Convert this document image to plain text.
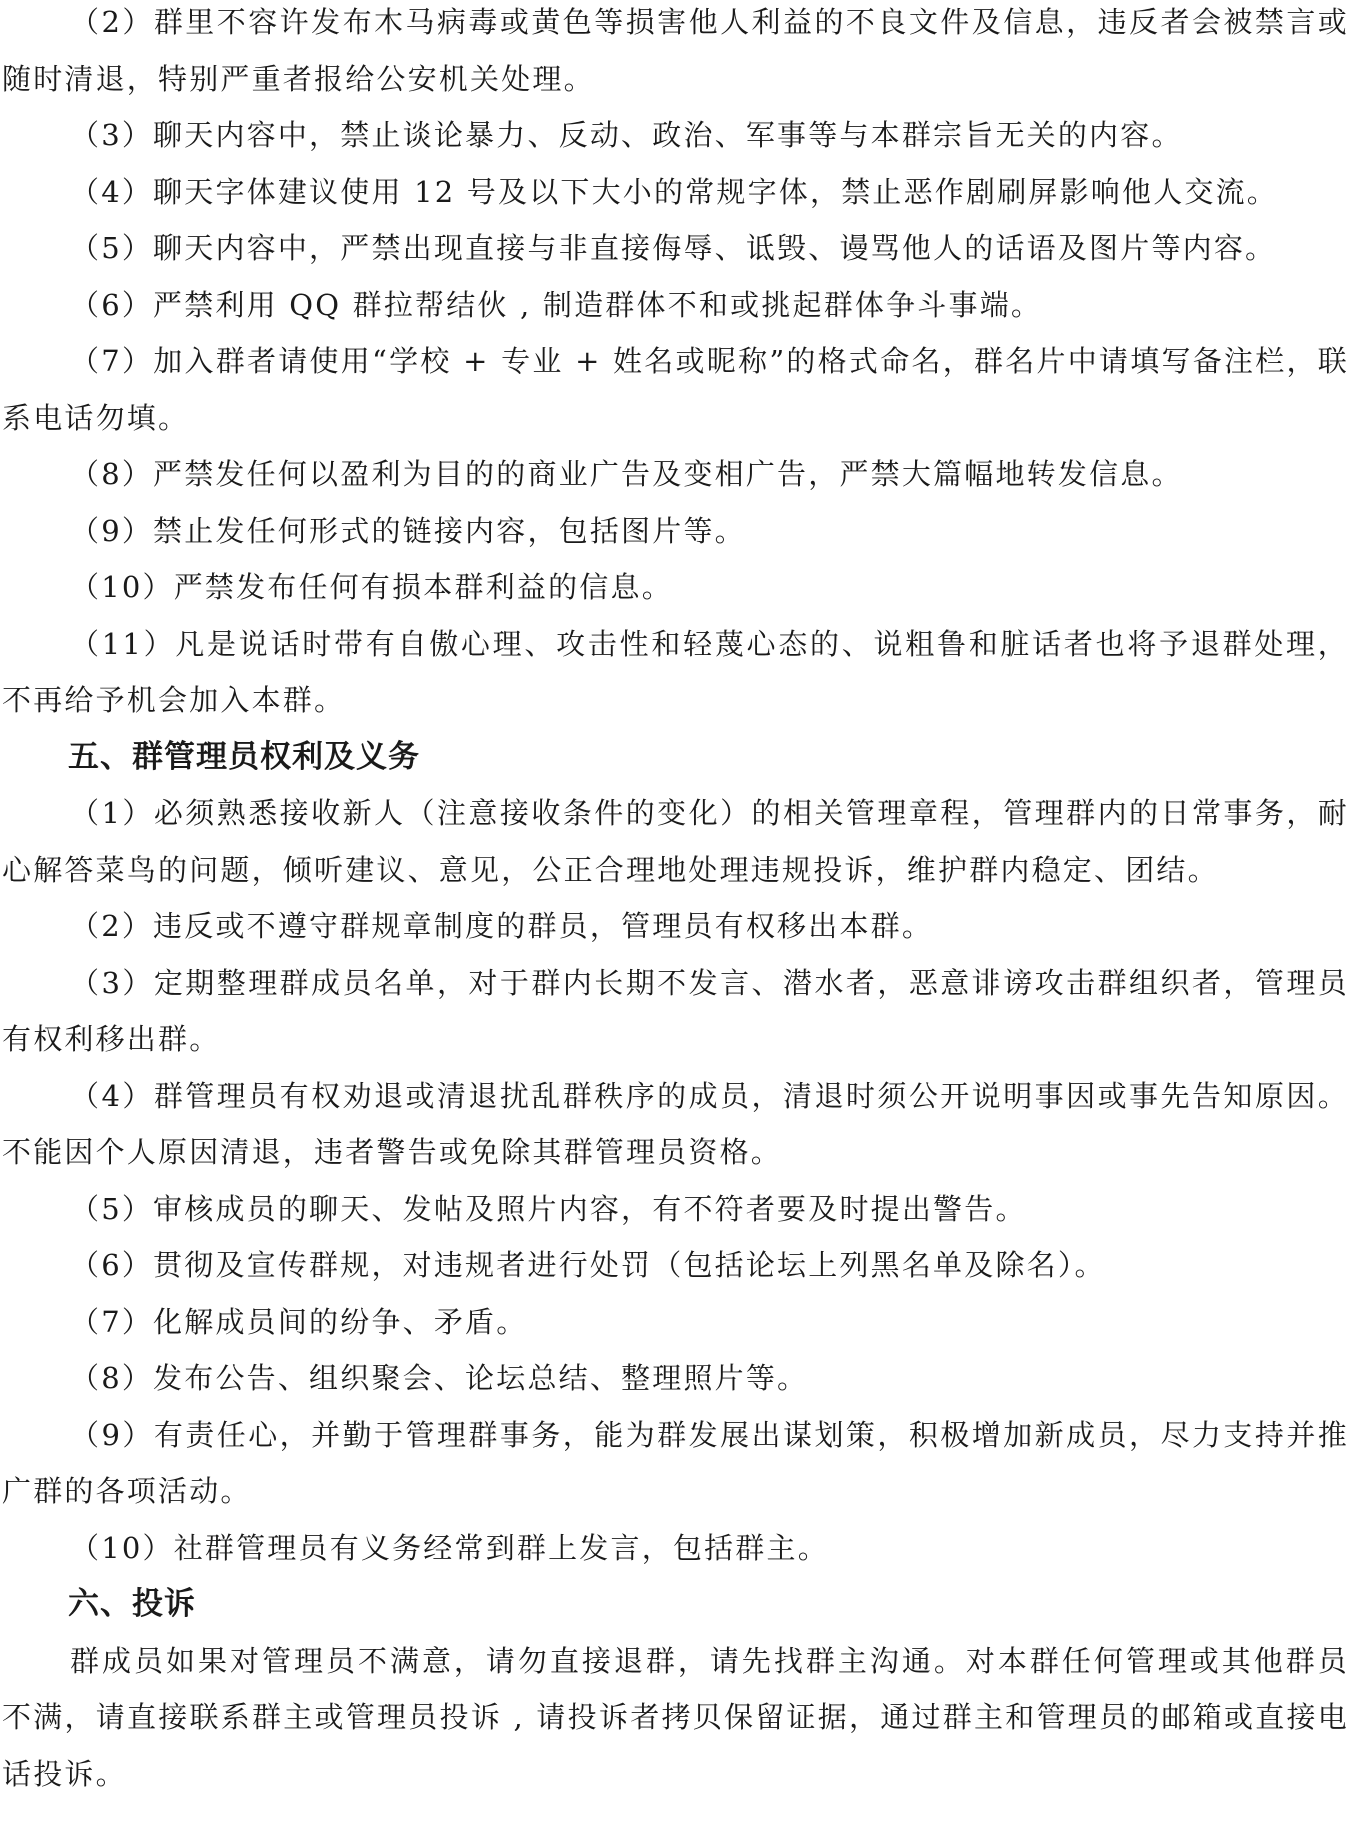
（2）群里不容许发布木马病毒或黄色等损害他人利益的不良文件及信息，违反者会被禁言或随时清退，特别严重者报给公安机关处理。

（3）聊天内容中，禁止谈论暴力、反动、政治、军事等与本群宗旨无关的内容。

（4）聊天字体建议使用 12 号及以下大小的常规字体，禁止恶作剧刷屏影响他人交流。

（5）聊天内容中，严禁出现直接与非直接侮辱、诋毁、谩骂他人的话语及图片等内容。

（6）严禁利用 QQ 群拉帮结伙 , 制造群体不和或挑起群体争斗事端。

（7）加入群者请使用“学校 + 专业 + 姓名或昵称”的格式命名，群名片中请填写备注栏，联系电话勿填。

（8）严禁发任何以盈利为目的的商业广告及变相广告，严禁大篇幅地转发信息。

（9）禁止发任何形式的链接内容，包括图片等。

（10）严禁发布任何有损本群利益的信息。

（11）凡是说话时带有自傲心理、攻击性和轻蔑心态的、说粗鲁和脏话者也将予退群处理，不再给予机会加入本群。

五、群管理员权利及义务

（1）必须熟悉接收新人（注意接收条件的变化）的相关管理章程，管理群内的日常事务，耐心解答菜鸟的问题，倾听建议、意见，公正合理地处理违规投诉，维护群内稳定、团结。

（2）违反或不遵守群规章制度的群员，管理员有权移出本群。

（3）定期整理群成员名单，对于群内长期不发言、潜水者，恶意诽谤攻击群组织者，管理员有权利移出群。

（4）群管理员有权劝退或清退扰乱群秩序的成员，清退时须公开说明事因或事先告知原因。不能因个人原因清退，违者警告或免除其群管理员资格。

（5）审核成员的聊天、发帖及照片内容，有不符者要及时提出警告。

（6）贯彻及宣传群规，对违规者进行处罚（包括论坛上列黑名单及除名）。

（7）化解成员间的纷争、矛盾。

（8）发布公告、组织聚会、论坛总结、整理照片等。

（9）有责任心，并勤于管理群事务，能为群发展出谋划策，积极增加新成员，尽力支持并推广群的各项活动。

（10）社群管理员有义务经常到群上发言，包括群主。

六、投诉

群成员如果对管理员不满意，请勿直接退群，请先找群主沟通。对本群任何管理或其他群员不满，请直接联系群主或管理员投诉 , 请投诉者拷贝保留证据，通过群主和管理员的邮箱或直接电话投诉。
